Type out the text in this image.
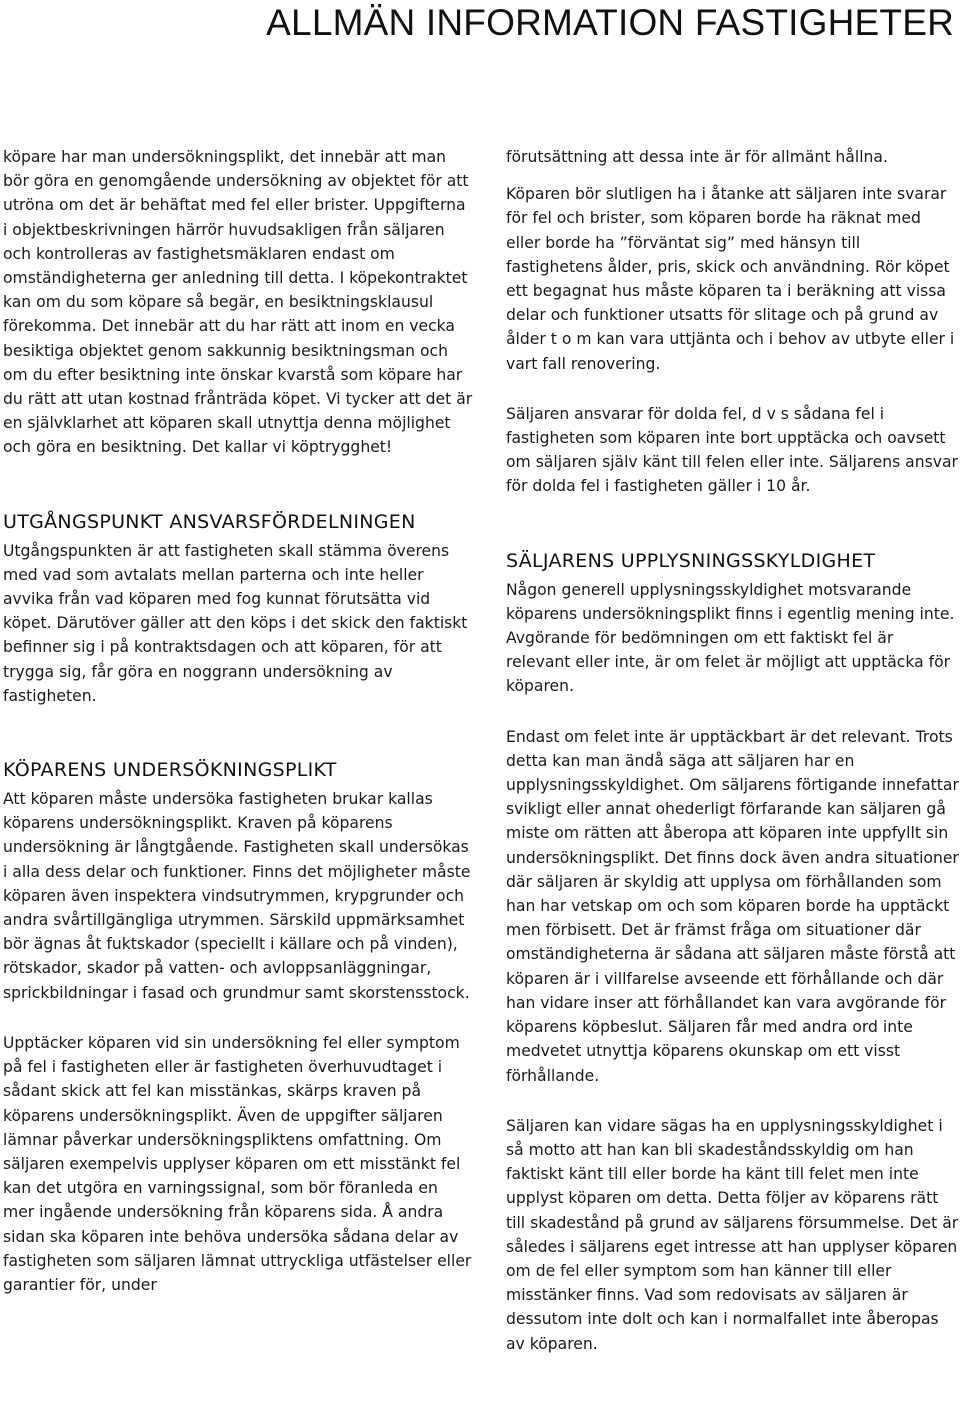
ALLMÄN INFORMATION FASTIGHETER

köpare har man undersökningsplikt, det innebär att man bör göra en genomgående undersökning av objektet för att utröna om det är behäftat med fel eller brister. Uppgifterna i objektbeskrivningen härrör huvudsakligen från säljaren och kontrolleras av fastighetsmäklaren endast om omständigheterna ger anledning till detta. I köpekontraktet kan om du som köpare så begär, en besiktningsklausul förekomma. Det innebär att du har rätt att inom en vecka besiktiga objektet genom sakkunnig besiktningsman och om du efter besiktning inte önskar kvarstå som köpare har du rätt att utan kostnad frånträda köpet. Vi tycker att det är en självklarhet att köparen skall utnyttja denna möjlighet och göra en besiktning. Det kallar vi köptrygghet!

UTGÅNGSPUNKT ANSVARSFÖRDELNINGEN

Utgångspunkten är att fastigheten skall stämma överens med vad som avtalats mellan parterna och inte heller avvika från vad köparen med fog kunnat förutsätta vid köpet. Därutöver gäller att den köps i det skick den faktiskt befinner sig i på kontraktsdagen och att köparen, för att trygga sig, får göra en noggrann undersökning av fastigheten.

KÖPARENS UNDERSÖKNINGSPLIKT

Att köparen måste undersöka fastigheten brukar kallas köparens undersökningsplikt. Kraven på köparens undersökning är långtgående. Fastigheten skall undersökas i alla dess delar och funktioner. Finns det möjligheter måste köparen även inspektera vindsutrymmen, krypgrunder och andra svårtillgängliga utrymmen. Särskild uppmärksamhet bör ägnas åt fuktskador (speciellt i källare och på vinden), rötskador, skador på vatten- och avloppsanläggningar, sprickbildningar i fasad och grundmur samt skorstensstock.

Upptäcker köparen vid sin undersökning fel eller symptom på fel i fastigheten eller är fastigheten överhuvudtaget i sådant skick att fel kan misstänkas, skärps kraven på köparens undersökningsplikt. Även de uppgifter säljaren lämnar påverkar undersökningspliktens omfattning. Om säljaren exempelvis upplyser köparen om ett misstänkt fel kan det utgöra en varningssignal, som bör föranleda en mer ingående undersökning från köparens sida. Å andra sidan ska köparen inte behöva undersöka sådana delar av fastigheten som säljaren lämnat uttryckliga utfästelser eller garantier för, under

förutsättning att dessa inte är för allmänt hållna.

Köparen bör slutligen ha i åtanke att säljaren inte svarar för fel och brister, som köparen borde ha räknat med eller borde ha ”förväntat sig” med hänsyn till fastighetens ålder, pris, skick och användning. Rör köpet ett begagnat hus måste köparen ta i beräkning att vissa delar och funktioner utsatts för slitage och på grund av ålder t o m kan vara uttjänta och i behov av utbyte eller i vart fall renovering.

Säljaren ansvarar för dolda fel, d v s sådana fel i fastigheten som köparen inte bort upptäcka och oavsett om säljaren själv känt till felen eller inte. Säljarens ansvar för dolda fel i fastigheten gäller i 10 år.

SÄLJARENS UPPLYSNINGSSKYLDIGHET

Någon generell upplysningsskyldighet motsvarande köparens undersökningsplikt finns i egentlig mening inte. Avgörande för bedömningen om ett faktiskt fel är relevant eller inte, är om felet är möjligt att upptäcka för köparen.

Endast om felet inte är upptäckbart är det relevant. Trots detta kan man ändå säga att säljaren har en upplysningsskyldighet. Om säljarens förtigande innefattar svikligt eller annat ohederligt förfarande kan säljaren gå miste om rätten att åberopa att köparen inte uppfyllt sin undersökningsplikt. Det finns dock även andra situationer där säljaren är skyldig att upplysa om förhållanden som han har vetskap om och som köparen borde ha upptäckt men förbisett. Det är främst fråga om situationer där omständigheterna är sådana att säljaren måste förstå att köparen är i villfarelse avseende ett förhållande och där han vidare inser att förhållandet kan vara avgörande för köparens köpbeslut. Säljaren får med andra ord inte medvetet utnyttja köparens okunskap om ett visst förhållande.

Säljaren kan vidare sägas ha en upplysningsskyldighet i så motto att han kan bli skadeståndsskyldig om han faktiskt känt till eller borde ha känt till felet men inte upplyst köparen om detta. Detta följer av köparens rätt till skadestånd på grund av säljarens försummelse. Det är således i säljarens eget intresse att han upplyser köparen om de fel eller symptom som han känner till eller misstänker finns. Vad som redovisats av säljaren är dessutom inte dolt och kan i normalfallet inte åberopas av köparen.
